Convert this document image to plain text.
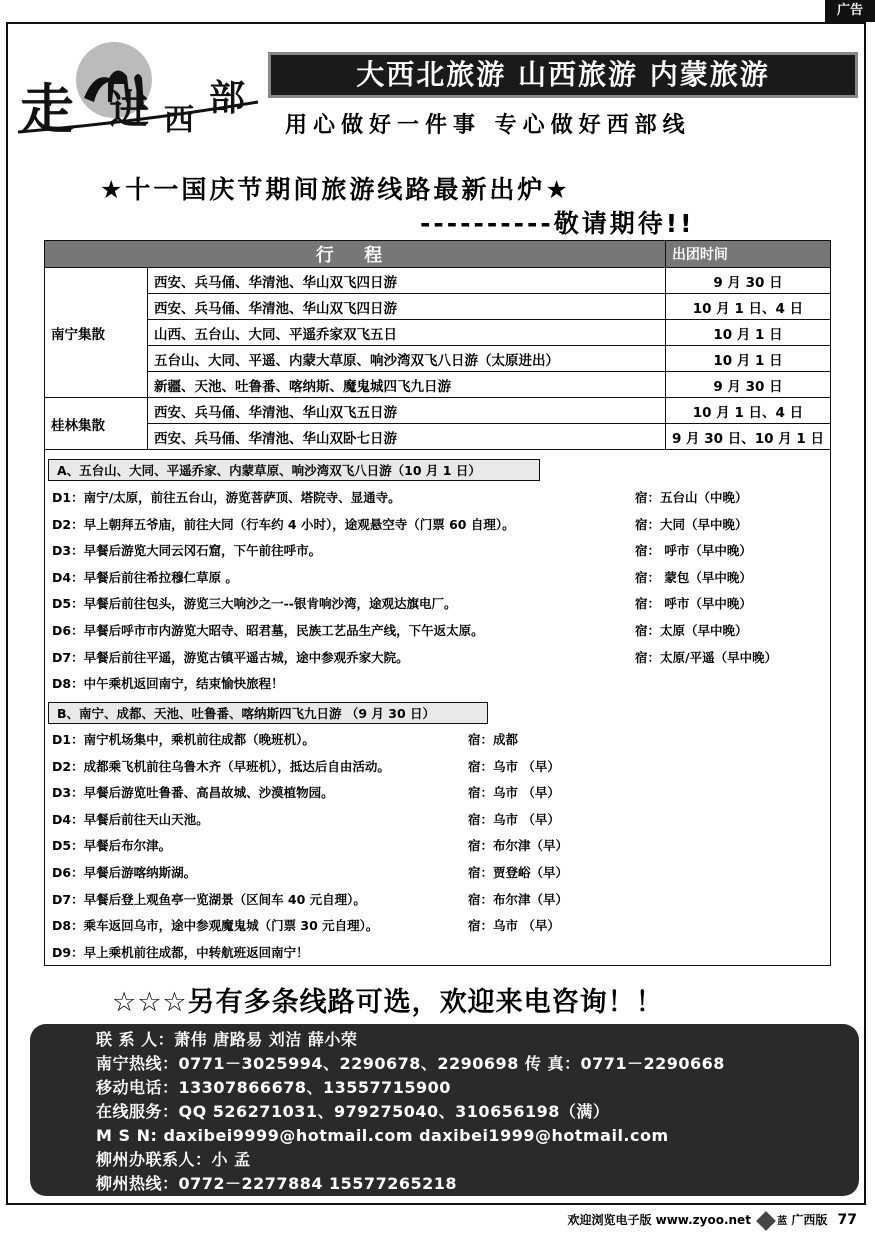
广告
走 进 西
部
大西北旅游 山西旅游 内蒙旅游
用心做好一件事 专心做好西部线
★十一国庆节期间旅游线路最新出炉★
----------敬请期待!!
行 程		出团时间
南宁集散	西安、兵马俑、华清池、华山双飞四日游	9 月 30 日
	西安、兵马俑、华清池、华山双飞四日游	10 月 1 日、4 日
	山西、五台山、大同、平遥乔家双飞五日	10 月 1 日
	五台山、大同、平遥、内蒙大草原、响沙湾双飞八日游（太原进出）	10 月 1 日
	新疆、天池、吐鲁番、喀纳斯、魔鬼城四飞九日游	9 月 30 日
桂林集散	西安、兵马俑、华清池、华山双飞五日游	10 月 1 日、4 日
	西安、兵马俑、华清池、华山双卧七日游	9 月 30 日、10 月 1 日
A、五台山、大同、平遥乔家、内蒙草原、响沙湾双飞八日游（10 月 1 日）
D1：南宁/太原，前往五台山，游览菩萨顶、塔院寺、显通寺。	宿：五台山（中晚）
D2：早上朝拜五爷庙，前往大同（行车约 4 小时），途观悬空寺（门票 60 自理）。	宿：大同（早中晚）
D3：早餐后游览大同云冈石窟，下午前往呼市。	宿： 呼市（早中晚）
D4：早餐后前往希拉穆仁草原 。	宿： 蒙包（早中晚）
D5：早餐后前往包头，游览三大响沙之一--银肯响沙湾，途观达旗电厂。	宿： 呼市（早中晚）
D6：早餐后呼市市内游览大昭寺、昭君墓，民族工艺品生产线，下午返太原。	宿：太原（早中晚）
D7：早餐后前往平遥，游览古镇平遥古城，途中参观乔家大院。	宿：太原/平遥（早中晚）
D8：中午乘机返回南宁，结束愉快旅程！
B、南宁、成都、天池、吐鲁番、喀纳斯四飞九日游 （9 月 30 日）
D1：南宁机场集中，乘机前往成都（晚班机）。	宿：成都
D2：成都乘飞机前往乌鲁木齐（早班机），抵达后自由活动。	宿：乌市 （早）
D3：早餐后游览吐鲁番、高昌故城、沙漠植物园。	宿：乌市 （早）
D4：早餐后前往天山天池。	宿：乌市 （早）
D5：早餐后布尔津。	宿：布尔津（早）
D6：早餐后游喀纳斯湖。	宿：贾登峪（早）
D7：早餐后登上观鱼亭一览湖景（区间车 40 元自理）。	宿：布尔津（早）
D8：乘车返回乌市，途中参观魔鬼城（门票 30 元自理）。	宿：乌市 （早）
D9：早上乘机前往成都，中转航班返回南宁！
☆☆☆另有多条线路可选，欢迎来电咨询！！
联 系 人：萧伟 唐路易 刘洁 薛小荣
南宁热线：0771－3025994、2290678、2290698 传 真：0771－2290668
移动电话：13307866678、13557715900
在线服务：QQ 526271031、979275040、310656198（满）
M S N: daxibei9999@hotmail.com daxibei1999@hotmail.com
柳州办联系人：小 孟
柳州热线：0772－2277884 15577265218
欢迎浏览电子版 www.zyoo.net	蓝 广西版 77
